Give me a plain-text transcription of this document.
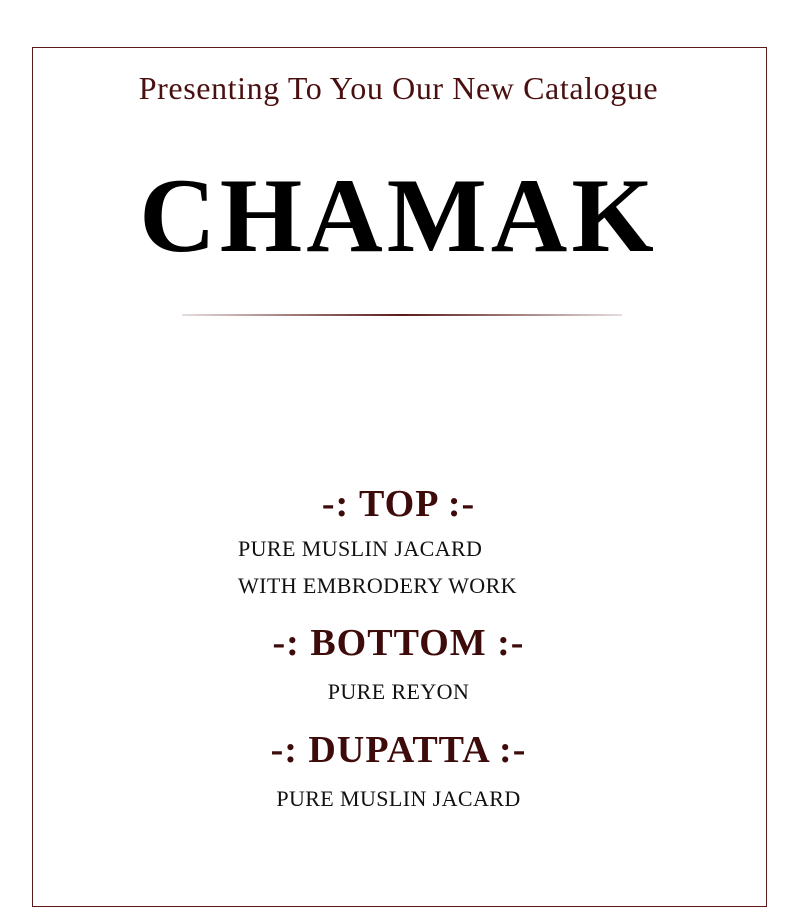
Presenting To You Our New Catalogue
CHAMAK
-: TOP :-
PURE MUSLIN JACARD
WITH EMBRODERY WORK
-: BOTTOM :-
PURE REYON
-: DUPATTA :-
PURE MUSLIN JACARD
